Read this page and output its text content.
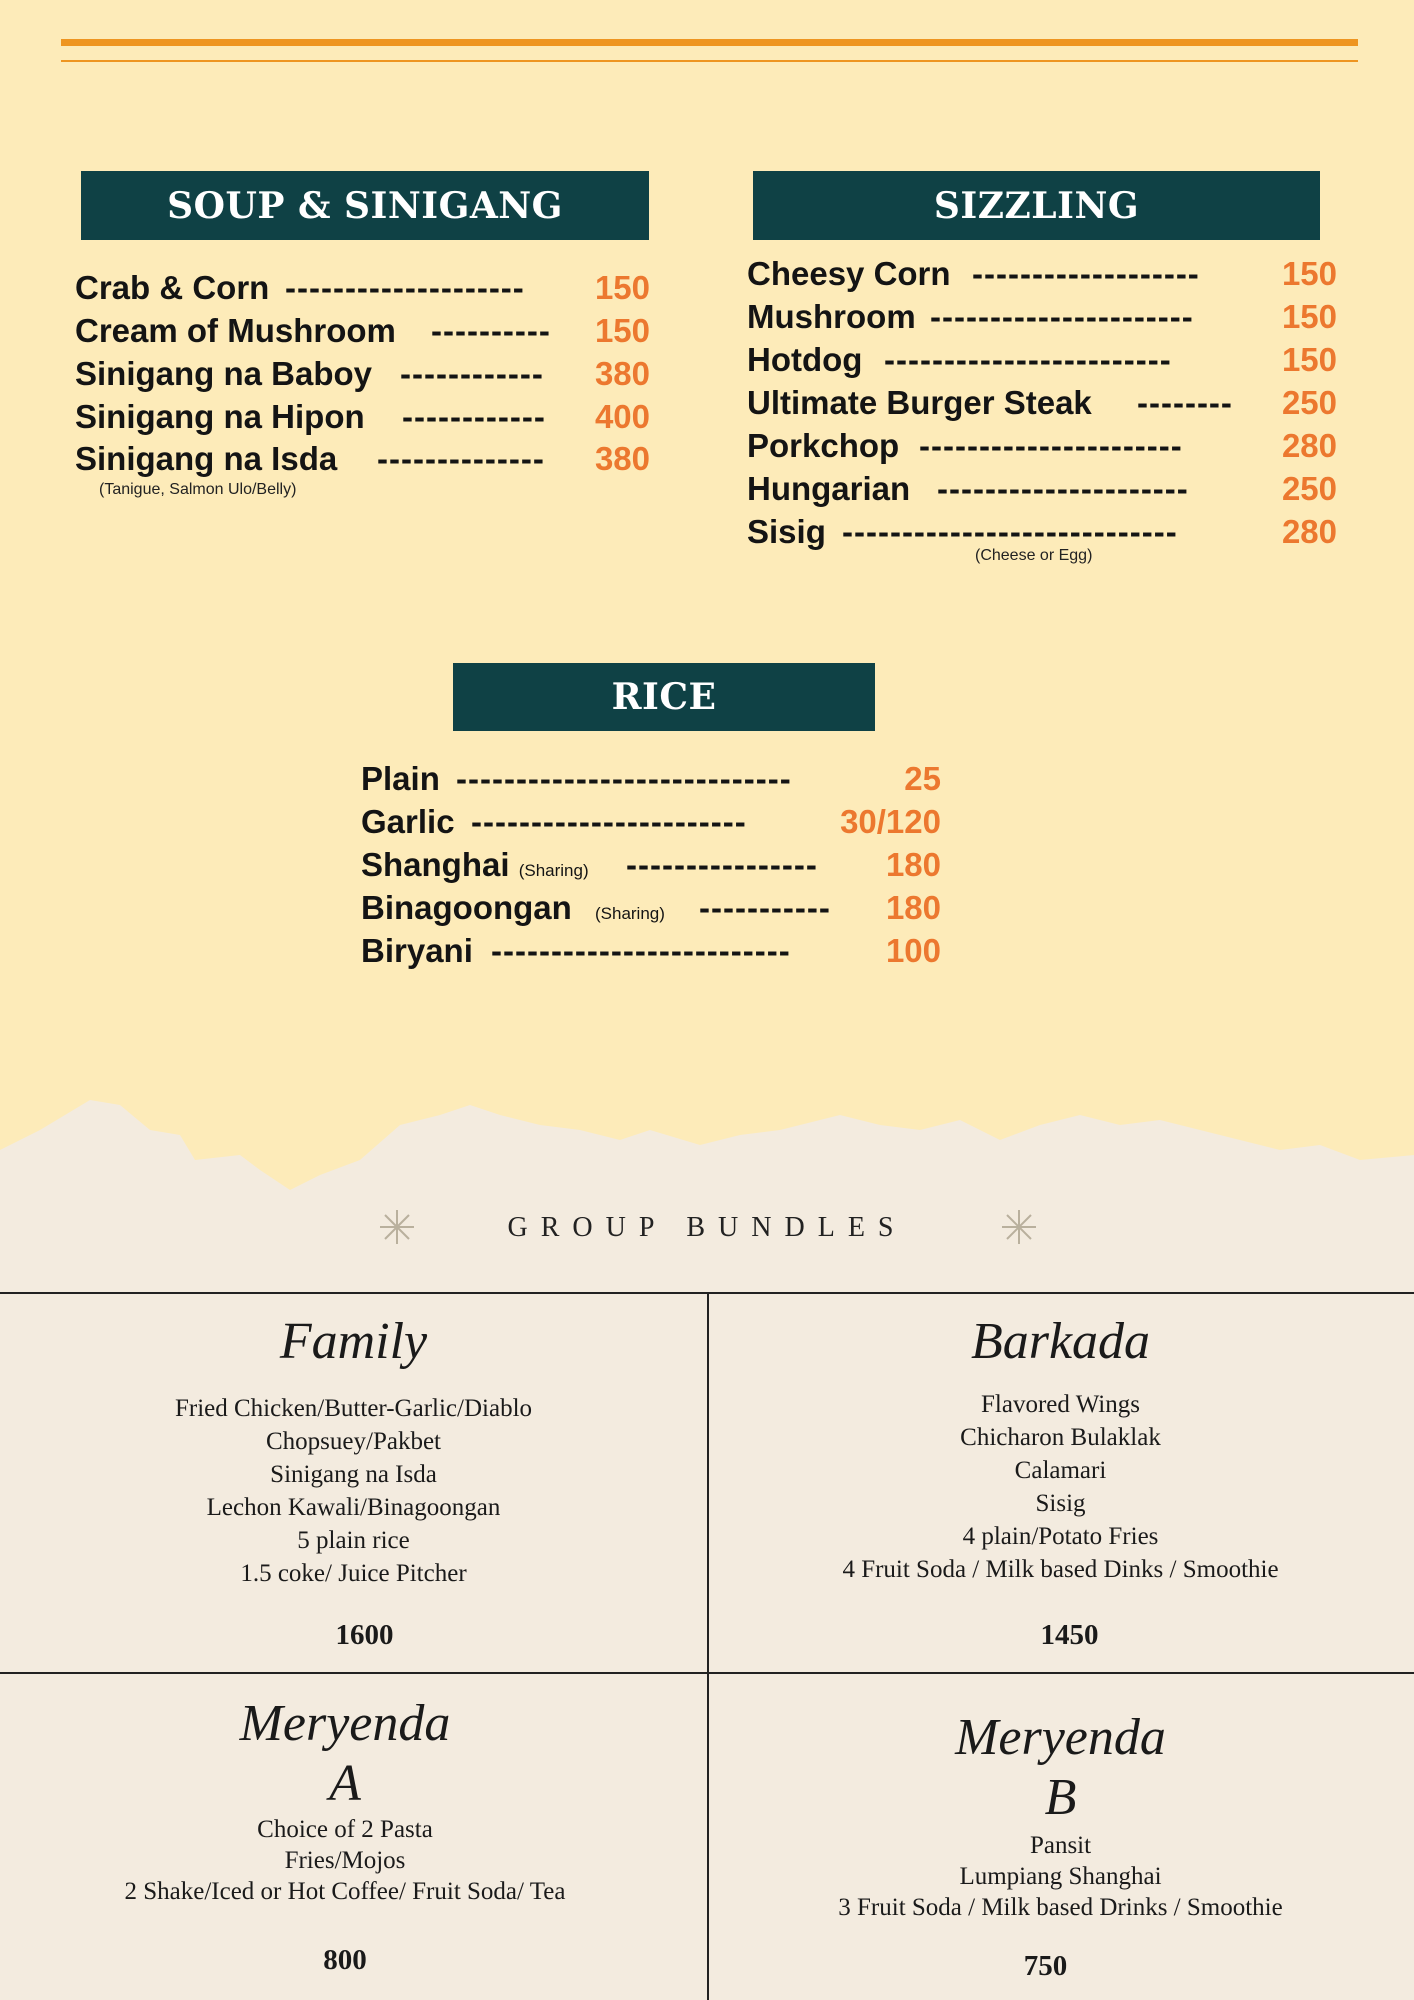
SOUP & SINIGANG
Crab & Corn --------------------	150
Cream of Mushroom ----------	150
Sinigang na Baboy ------------	380
Sinigang na Hipon ------------	400
Sinigang na Isda --------------	380
(Tanigue, Salmon Ulo/Belly)
SIZZLING
Cheesy Corn -------------------	150
Mushroom ----------------------	150
Hotdog ------------------------	150
Ultimate Burger Steak --------	250
Porkchop ----------------------	280
Hungarian ---------------------	250
Sisig ----------------------------	280
(Cheese or Egg)
RICE
Plain ----------------------------	25
Garlic -----------------------	30/120
Shanghai (Sharing) ----------------	180
Binagoongan (Sharing) -----------	180
Biryani -------------------------	100
GROUP BUNDLES
Family
Fried Chicken/Butter-Garlic/Diablo
Chopsuey/Pakbet
Sinigang na Isda
Lechon Kawali/Binagoongan
5 plain rice
1.5 coke/ Juice Pitcher
1600
Barkada
Flavored Wings
Chicharon Bulaklak
Calamari
Sisig
4 plain/Potato Fries
4 Fruit Soda / Milk based Dinks / Smoothie
1450
Meryenda
A
Choice of 2 Pasta
Fries/Mojos
2 Shake/Iced or Hot Coffee/ Fruit Soda/ Tea
800
Meryenda
B
Pansit
Lumpiang Shanghai
3 Fruit Soda / Milk based Drinks / Smoothie
750
